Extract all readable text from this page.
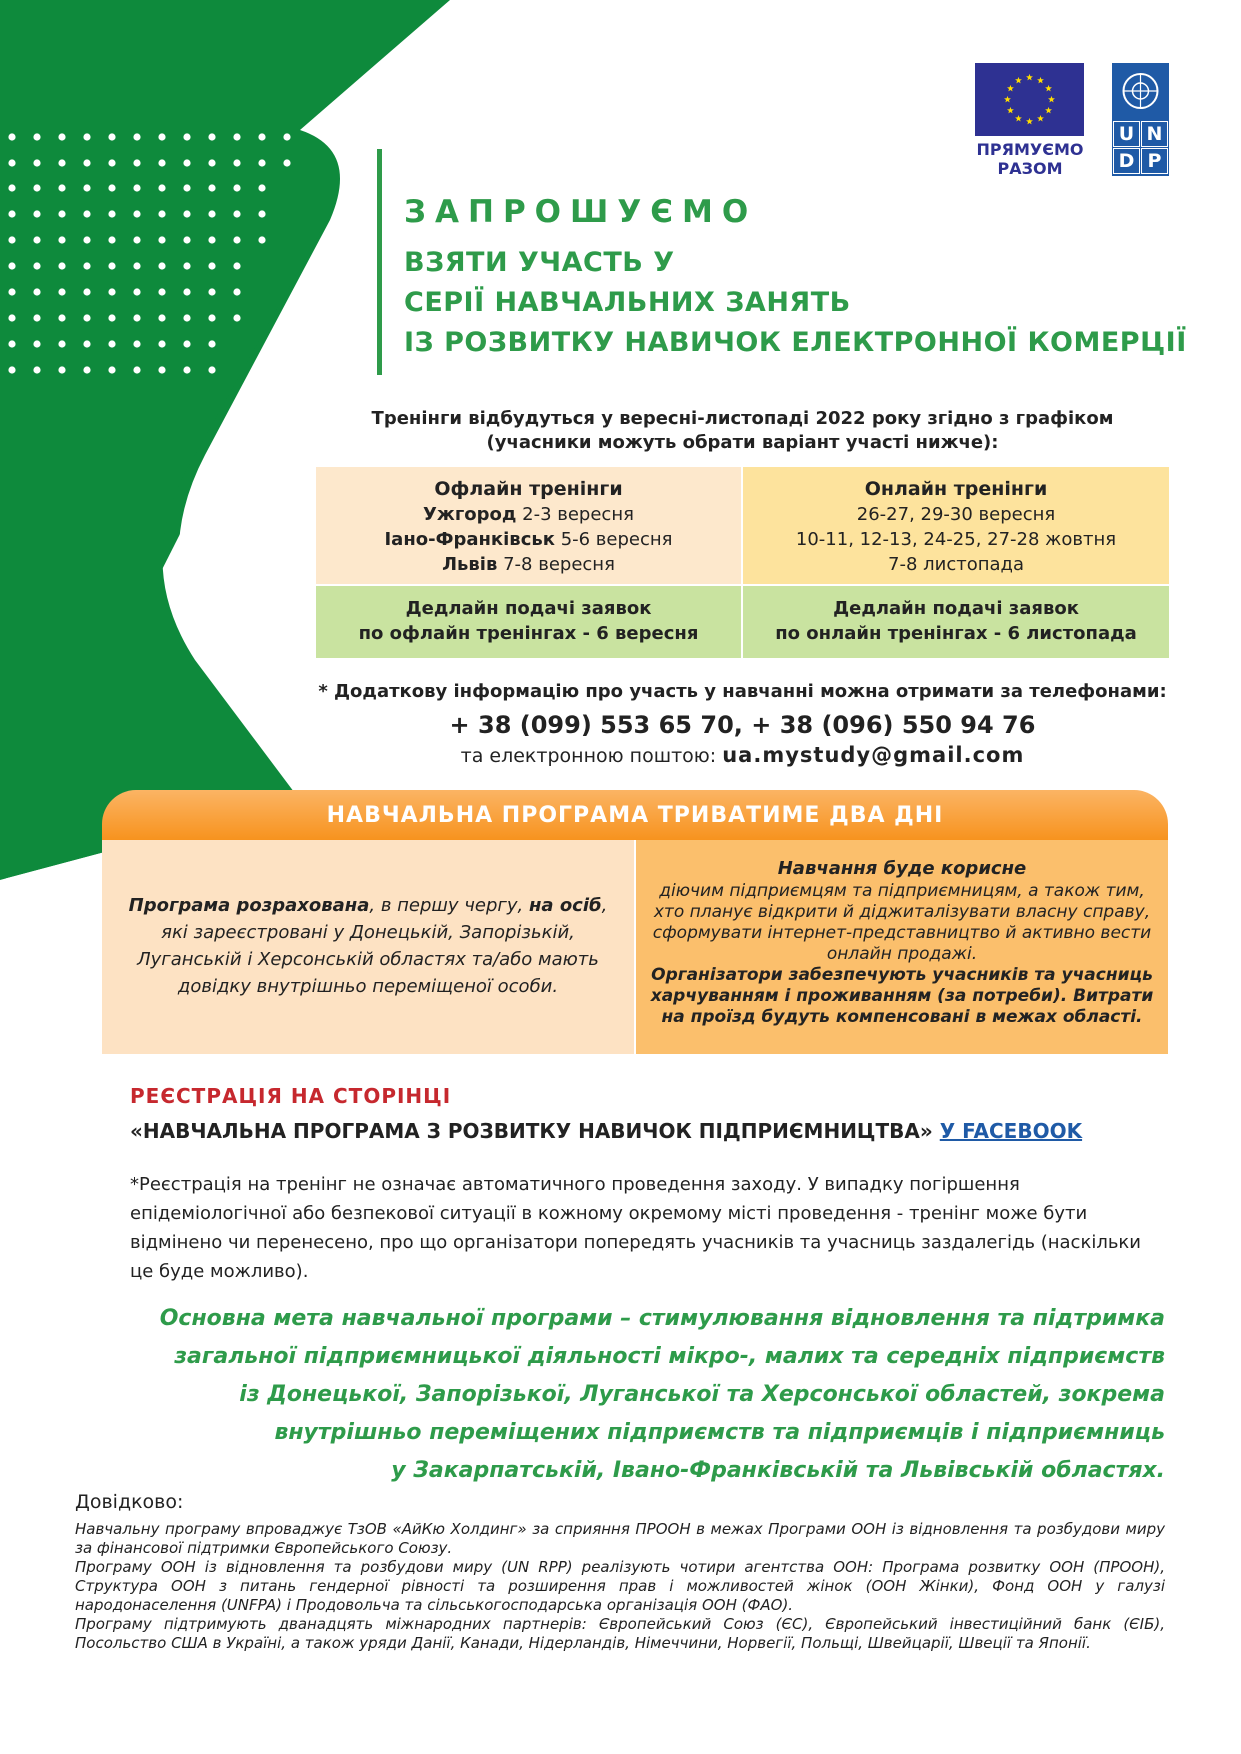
ПРЯМУЄМО
РАЗОМ
U N
D P
ЗАПРОШУЄМО
ВЗЯТИ УЧАСТЬ У
СЕРІЇ НАВЧАЛЬНИХ ЗАНЯТЬ
ІЗ РОЗВИТКУ НАВИЧОК ЕЛЕКТРОННОЇ КОМЕРЦІЇ
Тренінги відбудуться у вересні-листопаді 2022 року згідно з графіком
(учасники можуть обрати варіант участі нижче):
Офлайн тренінги
Ужгород 2-3 вересня
Іано-Франківськ 5-6 вересня
Львів 7-8 вересня
Онлайн тренінги
26-27, 29-30 вересня
10-11, 12-13, 24-25, 27-28 жовтня
7-8 листопада
Дедлайн подачі заявок
по офлайн тренінгах - 6 вересня
Дедлайн подачі заявок
по онлайн тренінгах - 6 листопада
* Додаткову інформацію про участь у навчанні можна отримати за телефонами:
+ 38 (099) 553 65 70, + 38 (096) 550 94 76
та електронною поштою: ua.mystudy@gmail.com
НАВЧАЛЬНА ПРОГРАМА ТРИВАТИМЕ ДВА ДНІ
Програма розрахована, в першу чергу, на осіб, які зареєстровані у Донецькій, Запорізькій, Луганській і Херсонській областях та/або мають довідку внутрішньо переміщеної особи.
Навчання буде корисне
діючим підприємцям та підприємницям, а також тим, хто планує відкрити й діджиталізувати власну справу, сформувати інтернет-представництво й активно вести онлайн продажі.
Організатори забезпечують учасників та учасниць харчуванням і проживанням (за потреби). Витрати на проїзд будуть компенсовані в межах області.
РЕЄСТРАЦІЯ НА СТОРІНЦІ
«НАВЧАЛЬНА ПРОГРАМА З РОЗВИТКУ НАВИЧОК ПІДПРИЄМНИЦТВА» У FACEBOOK
*Реєстрація на тренінг не означає автоматичного проведення заходу. У випадку погіршення епідеміологічної або безпекової ситуації в кожному окремому місті проведення - тренінг може бути відмінено чи перенесено, про що організатори попередять учасників та учасниць заздалегідь (наскільки це буде можливо).
Основна мета навчальної програми – стимулювання відновлення та підтримка
загальної підприємницької діяльності мікро-, малих та середніх підприємств
із Донецької, Запорізької, Луганської та Херсонської областей, зокрема
внутрішньо переміщених підприємств та підприємців і підприємниць
у Закарпатській, Івано-Франківській та Львівській областях.
Довідково:

Навчальну програму впроваджує ТзОВ «АйКю Холдинг» за сприяння ПРООН в межах Програми ООН із відновлення та розбудови миру за фінансової підтримки Європейського Союзу.

Програму ООН із відновлення та розбудови миру (UN RPP) реалізують чотири агентства ООН: Програма розвитку ООН (ПРООН), Структура ООН з питань гендерної рівності та розширення прав і можливостей жінок (ООН Жінки), Фонд ООН у галузі народонаселення (UNFPA) і Продовольча та сільськогосподарська організація ООН (ФАО).

Програму підтримують дванадцять міжнародних партнерів: Європейський Союз (ЄС), Європейський інвестиційний банк (ЄІБ), Посольство США в Україні, а також уряди Данії, Канади, Нідерландів, Німеччини, Норвегії, Польщі, Швейцарії, Швеції та Японії.
